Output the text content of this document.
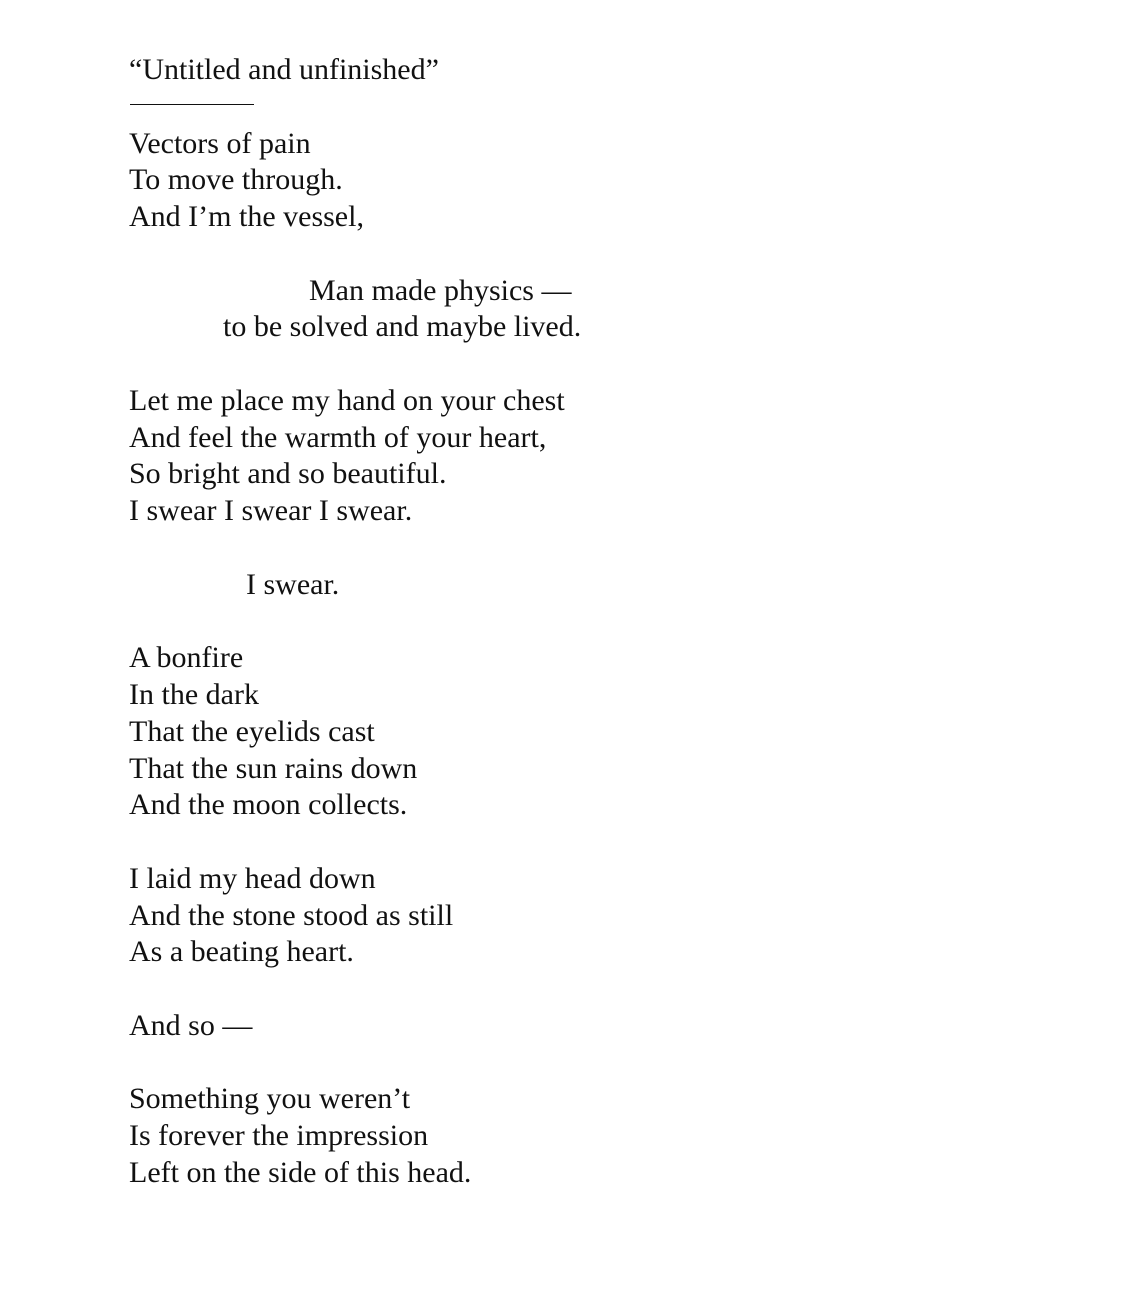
“Untitled and unfinished”

Vectors of pain

To move through.

And I’m the vessel,

Man made physics —

to be solved and maybe lived.

Let me place my hand on your chest

And feel the warmth of your heart,

So bright and so beautiful.

I swear I swear I swear.

I swear.

A bonfire

In the dark

That the eyelids cast

That the sun rains down

And the moon collects.

I laid my head down

And the stone stood as still

As a beating heart.

And so —

Something you weren’t

Is forever the impression

Left on the side of this head.
